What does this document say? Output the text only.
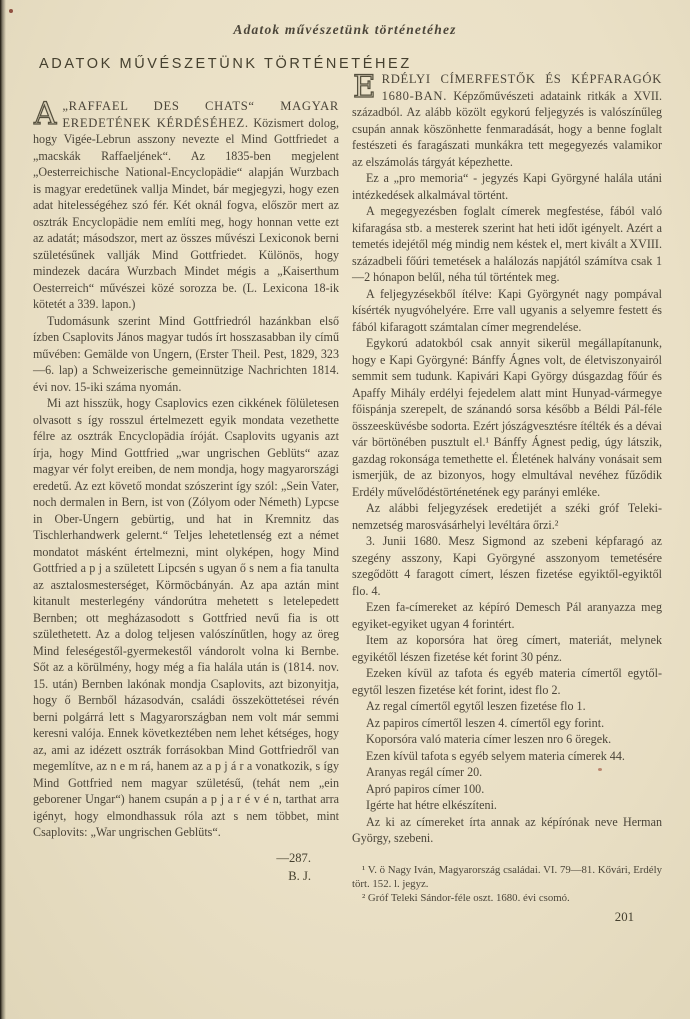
Adatok művészetünk történetéhez
ADATOK MŰVÉSZETÜNK TÖRTÉNETÉHEZ

A „RAFFAEL DES CHATS“ MAGYAR EREDETÉNEK KÉRDÉSÉHEZ. Közismert dolog, hogy Vigée-Lebrun asszony nevezte el Mind Gottfriedet a „macskák Raffaeljének“. Az 1835-ben megjelent „Oesterreichische National-Encyclopädie“ alapján Wurzbach is magyar eredetünek vallja Mindet, bár megjegyzi, hogy ezen adat hitelességéhez szó fér. Két oknál fogva, először mert az osztrák Encyclopädie nem említi meg, hogy honnan vette ezt az adatát; másodszor, mert az összes művészi Lexiconok berni születésűnek vallják Mind Gottfriedet. Különös, hogy mindezek dacára Wurzbach Mindet mégis a „Kaiserthum Oesterreich“ művészei közé sorozza be. (L. Lexicona 18-ik kötetét a 339. lapon.)

Tudomásunk szerint Mind Gottfriedról hazánkban első ízben Csaplovits János magyar tudós írt hosszasabban ily című művében: Gemälde von Ungern, (Erster Theil. Pest, 1829, 323—6. lap) a Schweizerische gemeinnützige Nachrichten 1814. évi nov. 15-iki száma nyomán.

Mi azt hisszük, hogy Csaplovics ezen cikkének fölületesen olvasott s így rosszul értelmezett egyik mondata vezethette félre az osztrák Encyclopädia íróját. Csaplovits ugyanis azt írja, hogy Mind Gottfried „war ungrischen Geblüts“ azaz magyar vér folyt ereiben, de nem mondja, hogy magyarországi eredetű. Az ezt követő mondat szószerint így szól: „Sein Vater, noch dermalen in Bern, ist von (Zólyom oder Németh) Lypcse in Ober-Ungern gebürtig, und hat in Kremnitz das Tischlerhandwerk gelernt.“ Teljes lehetetlenség ezt a német mondatot másként értelmezni, mint olyképen, hogy Mind Gottfried a p j a született Lipcsén s ugyan ő s nem a fia tanulta az asztalosmesterséget, Körmöcbányán. Az apa aztán mint kitanult mesterlegény vándorútra mehetett s letelepedett Bernben; ott megházasodott s Gottfried nevű fia is ott születhetett. Az a dolog teljesen valószínűtlen, hogy az öreg Mind feleségestől-gyermekestől vándorolt volna ki Bernbe. Sőt az a körülmény, hogy még a fia halála után is (1814. nov. 15. után) Bernben lakónak mondja Csaplovits, azt bizonyitja, hogy ő Bernből házasodván, családi összeköttetései révén berni polgárrá lett s Magyarországban nem volt már semmi keresni valója. Ennek következtében nem lehet kétséges, hogy az, ami az idézett osztrák forrásokban Mind Gottfriedről van megemlítve, az n e m rá, hanem az a p j á r a vonatkozik, s így Mind Gottfried nem magyar születésű, (tehát nem „ein geborener Ungar“) hanem csupán a p j a r é v é n, tarthat arra igényt, hogy elmondhassuk róla azt s nem többet, mint Csaplovits: „War ungrischen Geblüts“.

—287.
B. J.

ERDÉLYI CÍMERFESTŐK ÉS KÉPFARAGÓK 1680-BAN. Képzőművészeti adataink ritkák a XVII. századból. Az alább közölt egykorú feljegyzés is valószínűleg csupán annak köszönhette fenmaradását, hogy a benne foglalt festészeti és faragászati munkákra tett megegyezés valamikor az elszámolás tárgyát képezhette.

Ez a „pro memoria“ - jegyzés Kapi Györgyné halála utáni intézkedések alkalmával történt.

A megegyezésben foglalt címerek megfestése, fából való kifaragása stb. a mesterek szerint hat heti időt igényelt. Azért a temetés idejétől még mindig nem késtek el, mert kivált a XVIII. századbeli főúri temetések a halálozás napjától számítva csak 1—2 hónapon belűl, néha túl történtek meg.

A feljegyzésekből ítélve: Kapi Györgynét nagy pompával kísérték nyugvóhelyére. Erre vall ugyanis a selyemre festett és fából kifaragott számtalan címer megrendelése.

Egykorú adatokból csak annyit sikerül megállapítanunk, hogy e Kapi Györgyné: Bánffy Ágnes volt, de életviszonyairól semmit sem tudunk. Kapivári Kapi György dúsgazdag főúr és Apaffy Mihály erdélyi fejedelem alatt mint Hunyad-vármegye főispánja szerepelt, de szánandó sorsa később a Béldi Pál-féle összeesküvésbe sodorta. Ezért jószágvesztésre ítélték és a dévai vár börtönében pusztult el.¹ Bánffy Ágnest pedig, úgy látszik, gazdag rokonsága temethette el. Életének halvány vonásait sem ismerjük, de az bizonyos, hogy elmultával nevéhez fűződik Erdély művelődéstörténetének egy parányi emléke.

Az alábbi feljegyzések eredetijét a széki gróf Teleki-nemzetség marosvásárhelyi levéltára őrzi.²

3. Junii 1680. Mesz Sigmond az szebeni képfaragó az szegény asszony, Kapi Györgyné asszonyom temetésére szegődött 4 faragott címert, lészen fizetése egyiktől-egyiktől flo. 4.

Ezen fa-címereket az képíró Demesch Pál aranyazza meg egyiket-egyiket ugyan 4 forintért.

Item az koporsóra hat öreg címert, materiát, melynek egyikétől lészen fizetése két forint 30 pénz.

Ezeken kívül az tafota és egyéb materia címertől egytől-egytől leszen fizetése két forint, idest flo 2.

Az regal címertől egytől leszen fizetése flo 1.

Az papiros címertől leszen 4. címertől egy forint.

Koporsóra való materia címer leszen nro 6 öregek.

Ezen kívül tafota s egyéb selyem materia címerek 44.

Aranyas regál címer 20.

Apró papiros címer 100.

Igérte hat hétre elkészíteni.

Az ki az címereket írta annak az képírónak neve Herman György, szebeni.

¹ V. ö Nagy Iván, Magyarország családai. VI. 79—81. Kővári, Erdély tört. 152. l. jegyz.

² Gróf Teleki Sándor-féle oszt. 1680. évi csomó.

201
